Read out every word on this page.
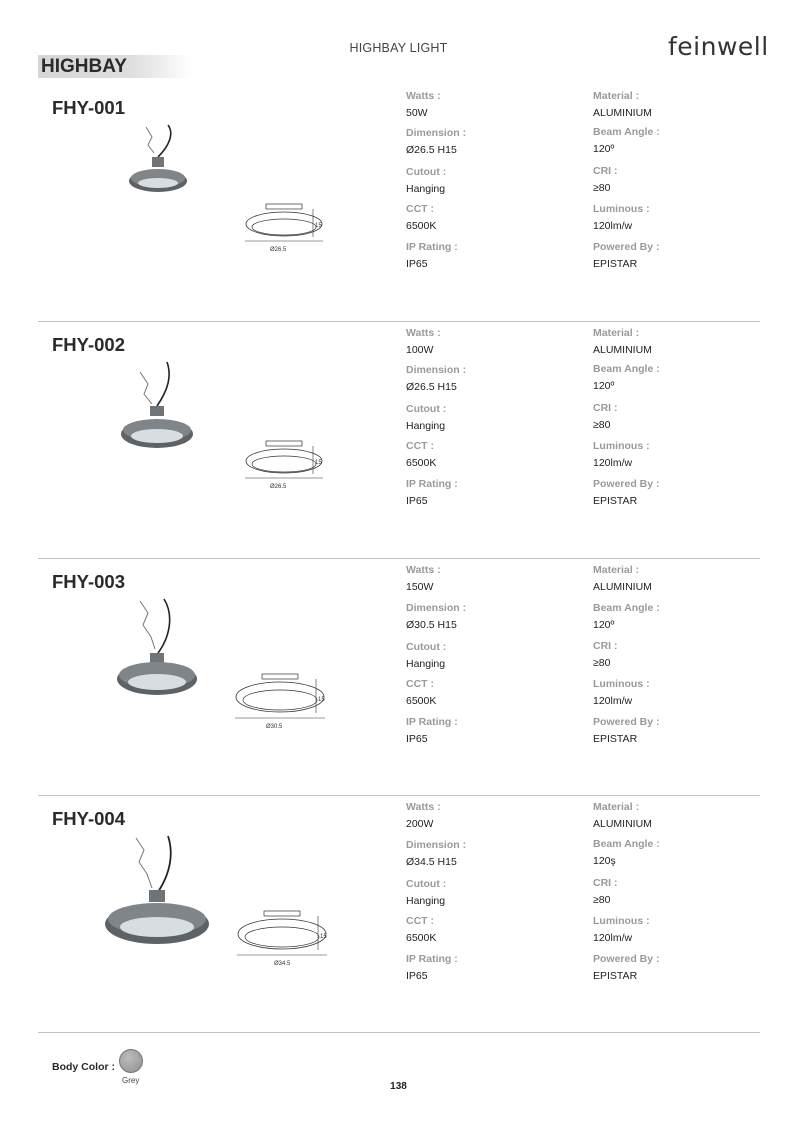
HIGHBAY LIGHT	feinwell
HIGHBAY
FHY-001
15
Ø26.5
Watts :
50W
Dimension :
Ø26.5 H15
Cutout :
Hanging
CCT :
6500K
IP Rating :
IP65
Material :
ALUMINIUM
Beam Angle :
120º
CRI :
≥80
Luminous :
120lm/w
Powered By :
EPISTAR
FHY-002
15
Ø26.5
Watts :
100W
Dimension :
Ø26.5 H15
Cutout :
Hanging
CCT :
6500K
IP Rating :
IP65
Material :
ALUMINIUM
Beam Angle :
120º
CRI :
≥80
Luminous :
120lm/w
Powered By :
EPISTAR
FHY-003
15
Ø30.5
Watts :
150W
Dimension :
Ø30.5 H15
Cutout :
Hanging
CCT :
6500K
IP Rating :
IP65
Material :
ALUMINIUM
Beam Angle :
120º
CRI :
≥80
Luminous :
120lm/w
Powered By :
EPISTAR
FHY-004
15
Ø34.5
Watts :
200W
Dimension :
Ø34.5 H15
Cutout :
Hanging
CCT :
6500K
IP Rating :
IP65
Material :
ALUMINIUM
Beam Angle :
120ş
CRI :
≥80
Luminous :
120lm/w
Powered By :
EPISTAR
Body Color :
Grey
138
